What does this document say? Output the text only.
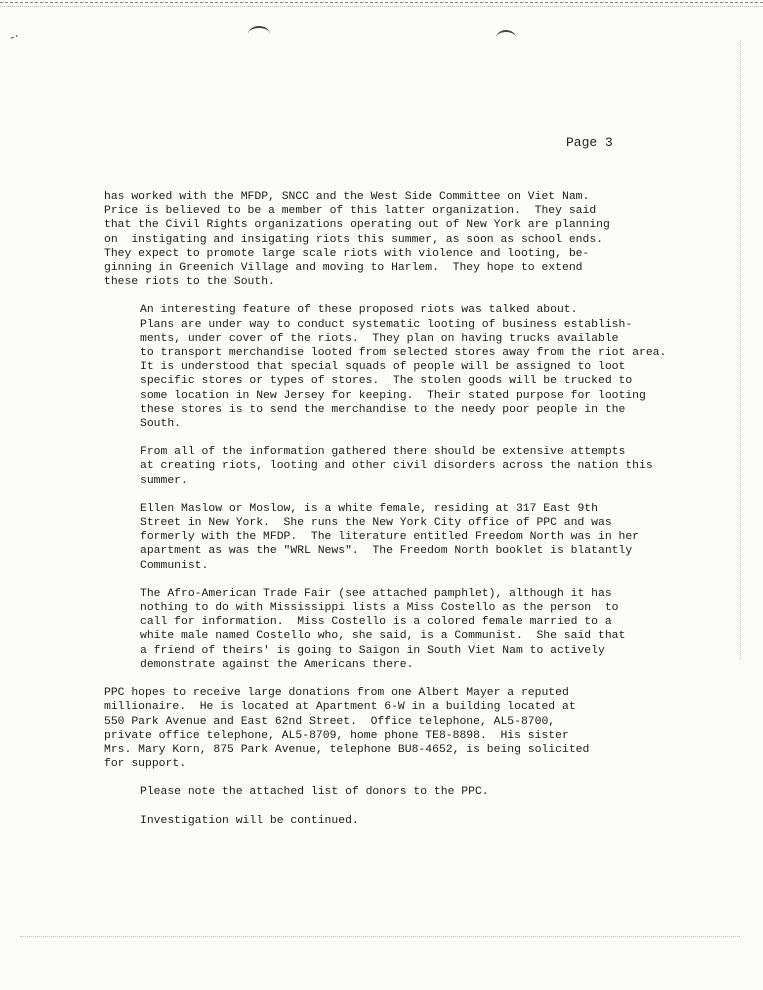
-·
Page 3
has worked with the MFDP, SNCC and the West Side Committee on Viet Nam.
Price is believed to be a member of this latter organization.  They said
that the Civil Rights organizations operating out of New York are planning
on  instigating and insigating riots this summer, as soon as school ends.
They expect to promote large scale riots with violence and looting, be-
ginning in Greenich Village and moving to Harlem.  They hope to extend
these riots to the South.
An interesting feature of these proposed riots was talked about.
Plans are under way to conduct systematic looting of business establish-
ments, under cover of the riots.  They plan on having trucks available
to transport merchandise looted from selected stores away from the riot area.
It is understood that special squads of people will be assigned to loot
specific stores or types of stores.  The stolen goods will be trucked to
some location in New Jersey for keeping.  Their stated purpose for looting
these stores is to send the merchandise to the needy poor people in the
South.
From all of the information gathered there should be extensive attempts
at creating riots, looting and other civil disorders across the nation this
summer.
Ellen Maslow or Moslow, is a white female, residing at 317 East 9th
Street in New York.  She runs the New York City office of PPC and was
formerly with the MFDP.  The literature entitled Freedom North was in her
apartment as was the "WRL News".  The Freedom North booklet is blatantly
Communist.
The Afro-American Trade Fair (see attached pamphlet), although it has
nothing to do with Mississippi lists a Miss Costello as the person  to
call for information.  Miss Costello is a colored female married to a
white male named Costello who, she said, is a Communist.  She said that
a friend of theirs' is going to Saigon in South Viet Nam to actively
demonstrate against the Americans there.
PPC hopes to receive large donations from one Albert Mayer a reputed
millionaire.  He is located at Apartment 6-W in a building located at
550 Park Avenue and East 62nd Street.  Office telephone, AL5-8700,
private office telephone, AL5-8709, home phone TE8-8898.  His sister
Mrs. Mary Korn, 875 Park Avenue, telephone BU8-4652, is being solicited
for support.
Please note the attached list of donors to the PPC.
Investigation will be continued.
